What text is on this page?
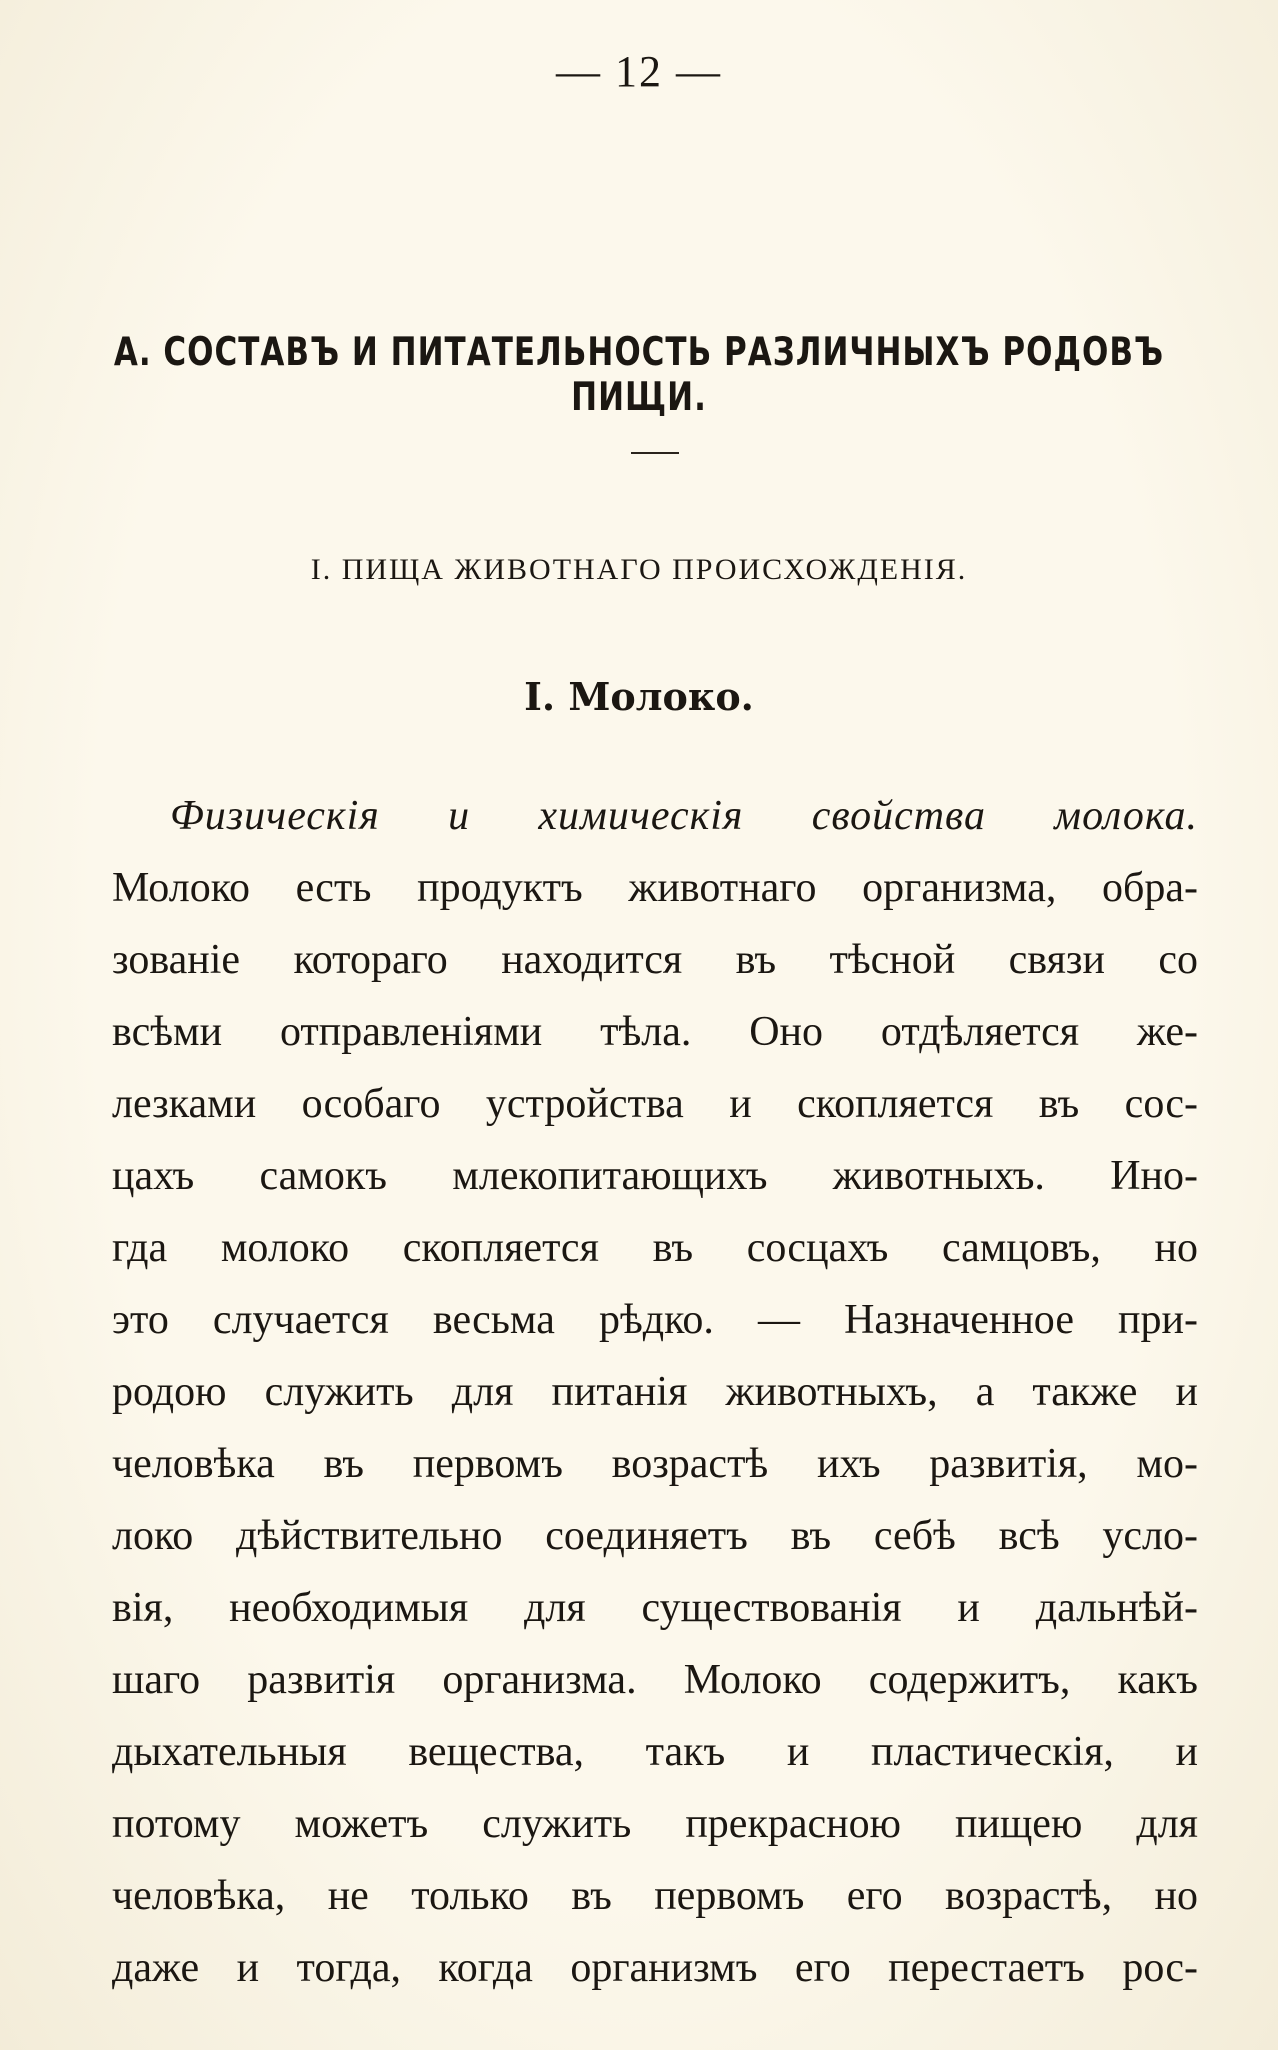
— 12 —
А. СОСТАВЪ И ПИТАТЕЛЬНОСТЬ РАЗЛИЧНЫХЪ РОДОВЪ ПИЩИ.
I. ПИЩА ЖИВОТНАГО ПРОИСХОЖДЕНІЯ.
I. Молоко.
Физическія и химическія свойства молока.
Молоко есть продуктъ животнаго организма, обра-
зованіе котораго находится въ тѣсной связи со
всѣми отправленіями тѣла. Оно отдѣляется же-
лезками особаго устройства и скопляется въ сос-
цахъ самокъ млекопитающихъ животныхъ. Ино-
гда молоко скопляется въ сосцахъ самцовъ, но
это случается весьма рѣдко. — Назначенное при-
родою служить для питанія животныхъ, а также и
человѣка въ первомъ возрастѣ ихъ развитія, мо-
локо дѣйствительно соединяетъ въ себѣ всѣ усло-
вія, необходимыя для существованія и дальнѣй-
шаго развитія организма. Молоко содержитъ, какъ
дыхательныя вещества, такъ и пластическія, и
потому можетъ служить прекрасною пищею для
человѣка, не только въ первомъ его возрастѣ, но
даже и тогда, когда организмъ его перестаетъ рос-
